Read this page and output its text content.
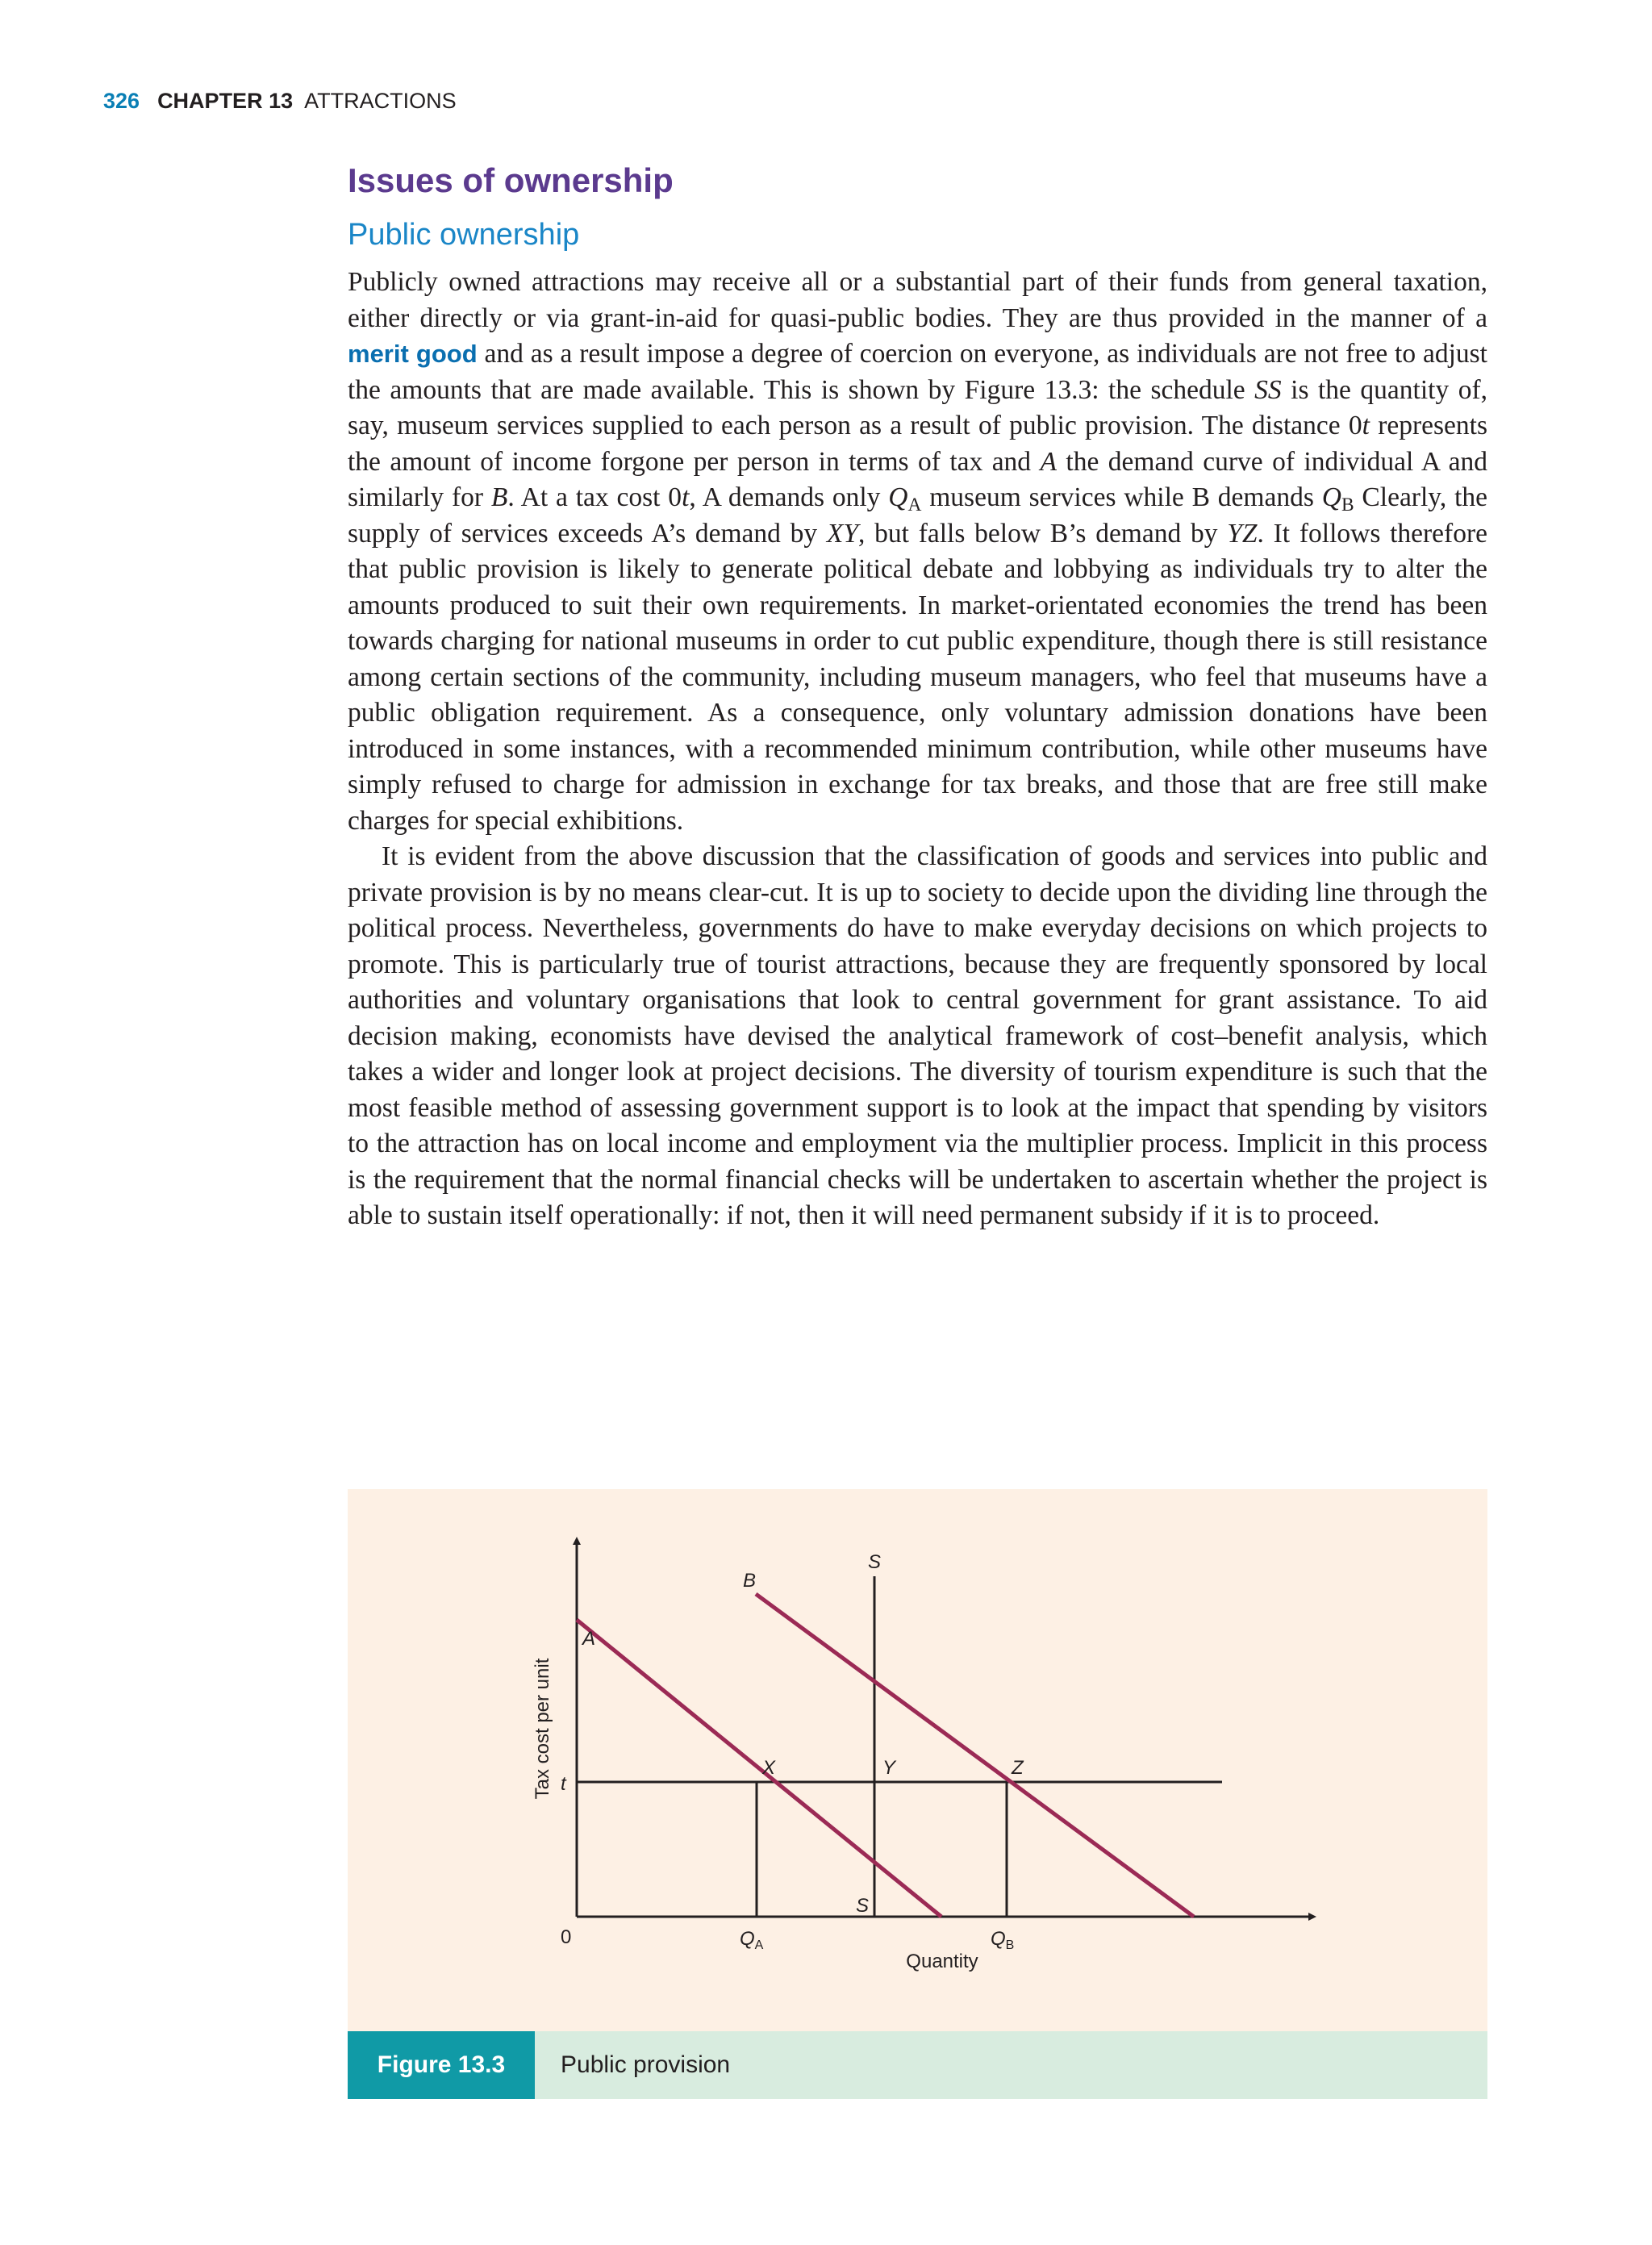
326 CHAPTER 13 ATTRACTIONS
Issues of ownership
Public ownership

Publicly owned attractions may receive all or a substantial part of their funds from general taxation, either directly or via grant-in-aid for quasi-public bodies. They are thus provided in the manner of a merit good and as a result impose a degree of coercion on everyone, as individuals are not free to adjust the amounts that are made available. This is shown by Figure 13.3: the schedule SS is the quantity of, say, museum services supplied to each person as a result of public provision. The distance 0t represents the amount of income forgone per person in terms of tax and A the demand curve of individual A and similarly for B. At a tax cost 0t, A demands only $Q_A$ museum services while B demands $Q_B$ Clearly, the supply of services exceeds A’s demand by XY, but falls below B’s demand by YZ. It follows therefore that public provision is likely to generate political debate and lobbying as individuals try to alter the amounts produced to suit their own requirements. In market-orientated economies the trend has been towards charging for national museums in order to cut public expenditure, though there is still resistance among certain sections of the community, including museum managers, who feel that museums have a public obligation requirement. As a consequence, only voluntary admission donations have been introduced in some instances, with a recommended minimum contribution, while other museums have simply refused to charge for admission in exchange for tax breaks, and those that are free still make charges for special exhibitions.

It is evident from the above discussion that the classification of goods and services into public and private provision is by no means clear-cut. It is up to society to decide upon the dividing line through the political process. Nevertheless, governments do have to make everyday decisions on which projects to promote. This is particularly true of tourist attractions, because they are frequently sponsored by local authorities and voluntary organisations that look to central government for grant assistance. To aid decision making, economists have devised the analytical framework of cost–benefit analysis, which takes a wider and longer look at project decisions. The diversity of tourism expenditure is such that the most feasible method of assessing government support is to look at the impact that spending by visitors to the attraction has on local income and employment via the multiplier process. Implicit in this process is the requirement that the normal financial checks will be undertaken to ascertain whether the project is able to sustain itself operationally: if not, then it will need permanent subsidy if it is to proceed.

Tax cost per unit
Quantity
0
t
A
B
S
S
X	Y	Z
$Q_A$	$Q_B$
Figure 13.3	Public provision
